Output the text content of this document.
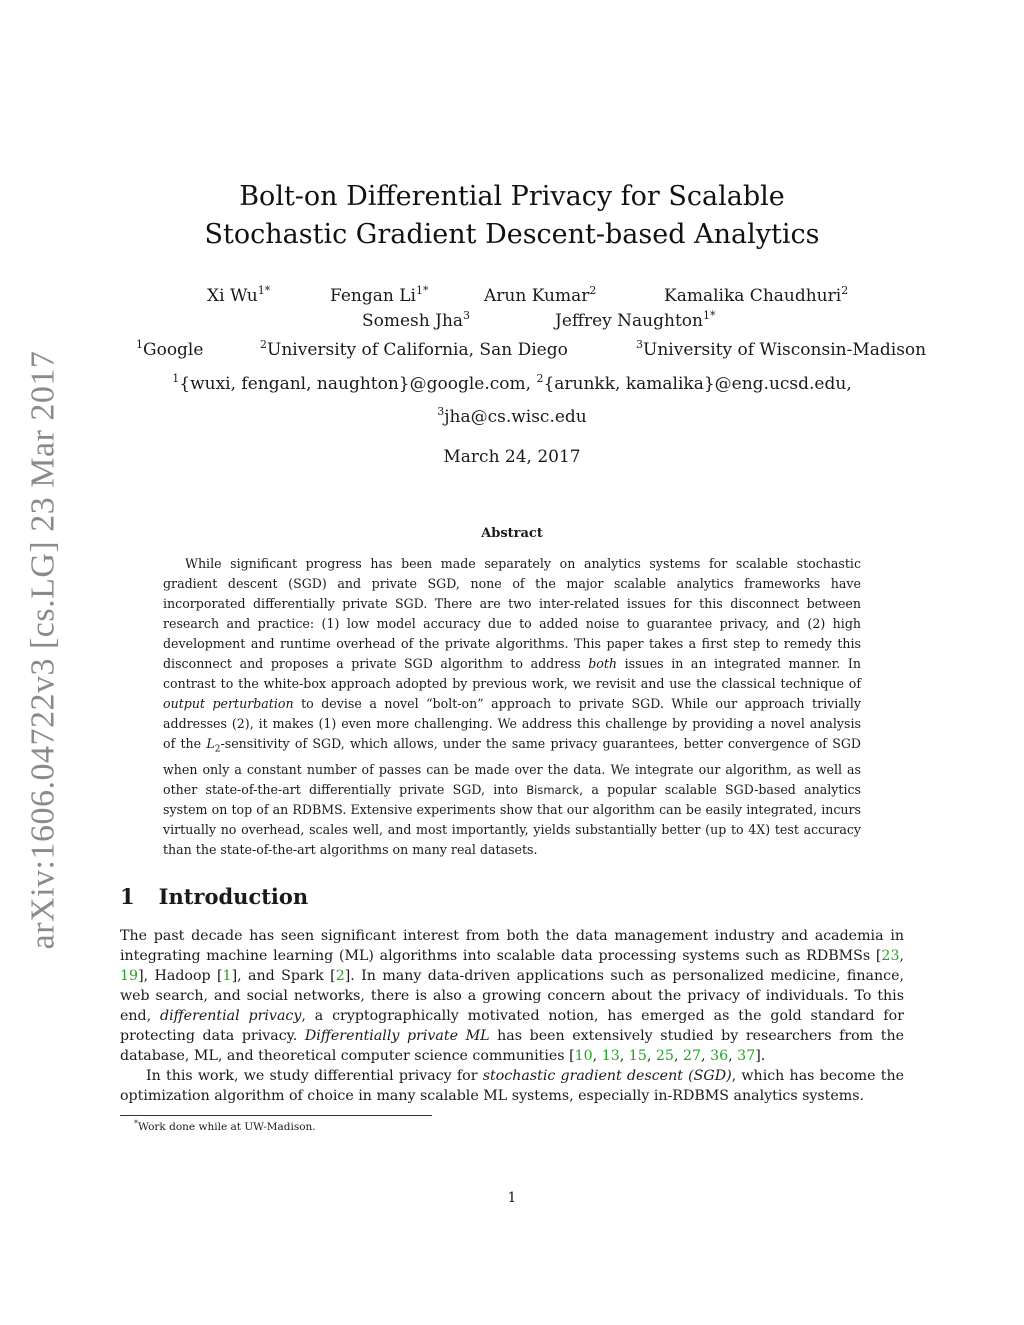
arXiv:1606.04722v3 [cs.LG] 23 Mar 2017
Bolt-on Differential Privacy for Scalable
Stochastic Gradient Descent-based Analytics
Xi $Wu^{1*}$	Fengan $Li^{1*}$	Arun Kumar$^2$	Kamalika Chaudhuri$^2$
Somesh Jha$^3$	Jeffrey Naughton$^{1*}$
$^1$Google	$^2$University of California, San Diego	$^3$University of Wisconsin-Madison
$^1${wuxi, fenganl, naughton}@google.com, $^2${arunkk, kamalika}@eng.ucsd.edu,
$^3$jha@cs.wisc.edu
March 24, 2017
Abstract
While significant progress has been made separately on analytics systems for scalable stochastic gradient descent (SGD) and private SGD, none of the major scalable analytics frameworks have incorporated differentially private SGD. There are two inter-related issues for this disconnect between research and practice: (1) low model accuracy due to added noise to guarantee privacy, and (2) high development and runtime overhead of the private algorithms. This paper takes a first step to remedy this disconnect and proposes a private SGD algorithm to address both issues in an integrated manner. In contrast to the white-box approach adopted by previous work, we revisit and use the classical technique of output perturbation to devise a novel “bolt-on” approach to private SGD. While our approach trivially addresses (2), it makes (1) even more challenging. We address this challenge by providing a novel analysis of the $L_2$-sensitivity of SGD, which allows, under the same privacy guarantees, better convergence of SGD when only a constant number of passes can be made over the data. We integrate our algorithm, as well as other state-of-the-art differentially private SGD, into Bismarck, a popular scalable SGD-based analytics system on top of an RDBMS. Extensive experiments show that our algorithm can be easily integrated, incurs virtually no overhead, scales well, and most importantly, yields substantially better (up to 4X) test accuracy than the state-of-the-art algorithms on many real datasets.
1 Introduction

The past decade has seen significant interest from both the data management industry and academia in integrating machine learning (ML) algorithms into scalable data processing systems such as RDBMSs [23, 19], Hadoop [1], and Spark [2]. In many data-driven applications such as personalized medicine, finance, web search, and social networks, there is also a growing concern about the privacy of individuals. To this end, differential privacy, a cryptographically motivated notion, has emerged as the gold standard for protecting data privacy. Differentially private ML has been extensively studied by researchers from the database, ML, and theoretical computer science communities [10, 13, 15, 25, 27, 36, 37].

In this work, we study differential privacy for stochastic gradient descent (SGD), which has become the optimization algorithm of choice in many scalable ML systems, especially in-RDBMS analytics systems.

*Work done while at UW-Madison.
1
